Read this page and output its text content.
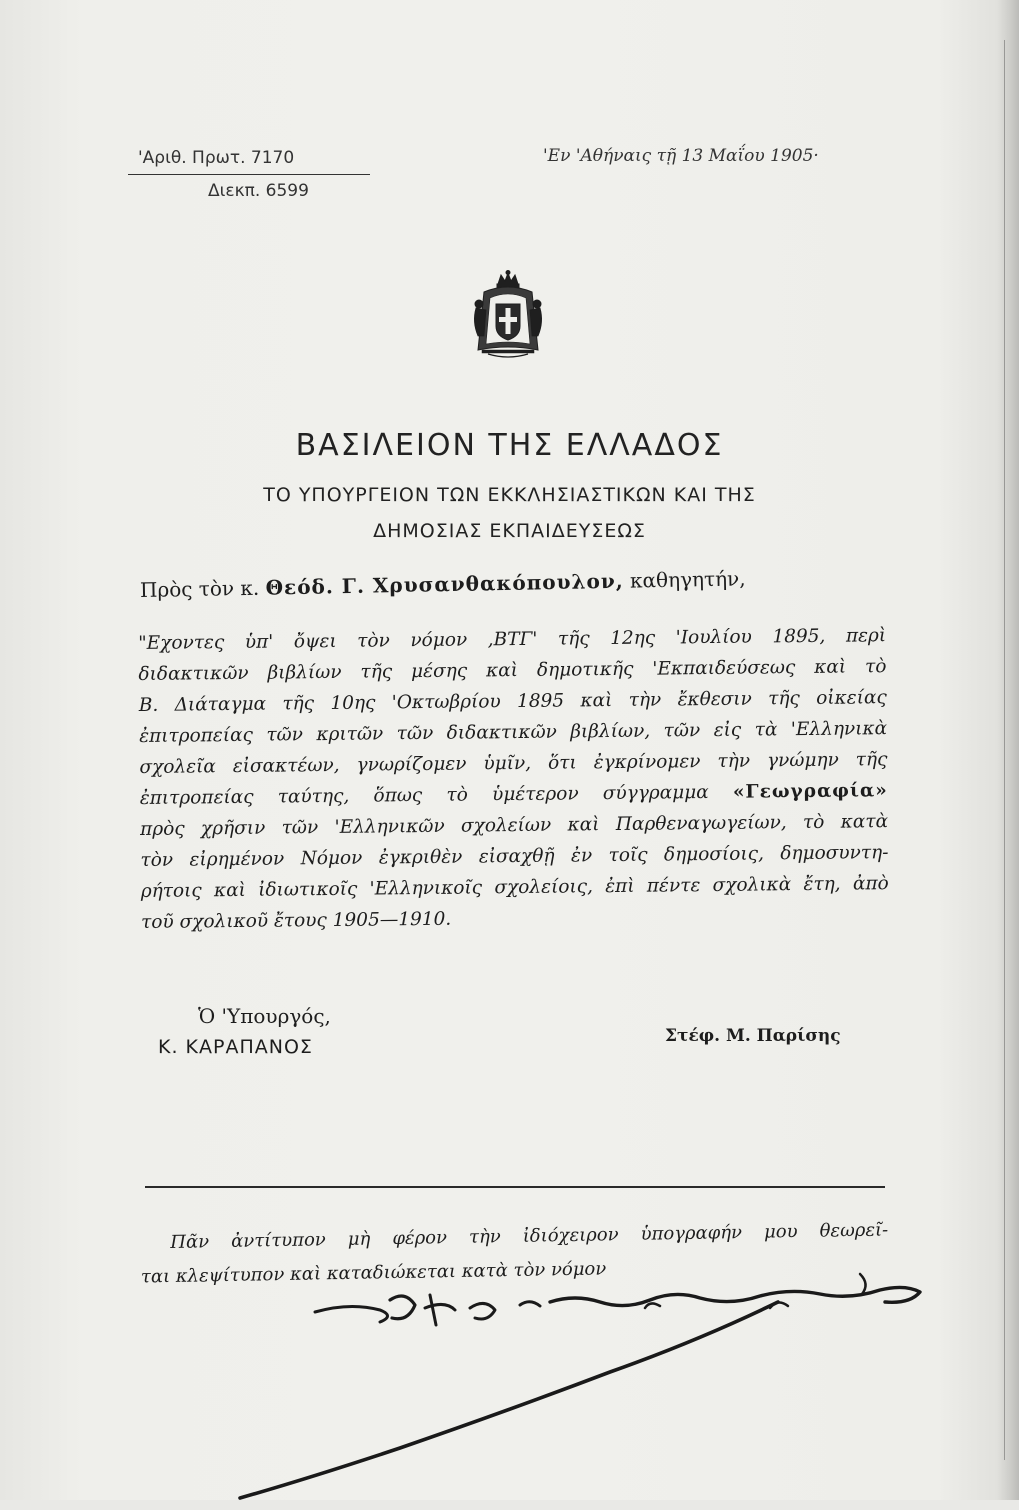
'Αριθ. Πρωτ. 7170
Διεκπ. 6599
'Εν 'Αθήναις τῇ 13 Μαΐου 1905·
ΒΑΣΙΛΕΙΟΝ ΤΗΣ ΕΛΛΑΔΟΣ
ΤΟ ΥΠΟΥΡΓΕΙΟΝ ΤΩΝ ΕΚΚΛΗΣΙΑΣΤΙΚΩΝ ΚΑΙ ΤΗΣ
ΔΗΜΟΣΙΑΣ ΕΚΠΑΙΔΕΥΣΕΩΣ
Πρὸς τὸν κ. Θεόδ. Γ. Χρυσανθακόπουλον, καθηγητήν,
"Εχοντες ὑπ' ὄψει τὸν νόμον ,ΒΤΓ' τῆς 12ης 'Ιουλίου 1895, περὶ
διδακτικῶν βιβλίων τῆς μέσης καὶ δημοτικῆς 'Εκπαιδεύσεως καὶ τὸ
Β. Διάταγμα τῆς 10ης 'Οκτωβρίου 1895 καὶ τὴν ἔκθεσιν τῆς οἰκείας
ἐπιτροπείας τῶν κριτῶν τῶν διδακτικῶν βιβλίων, τῶν εἰς τὰ 'Ελληνικὰ
σχολεῖα εἰσακτέων, γνωρίζομεν ὑμῖν, ὅτι ἐγκρίνομεν τὴν γνώμην τῆς
ἐπιτροπείας ταύτης, ὅπως τὸ ὑμέτερον σύγγραμμα «Γεωγραφία»
πρὸς χρῆσιν τῶν 'Ελληνικῶν σχολείων καὶ Παρθεναγωγείων, τὸ κατὰ
τὸν εἰρημένον Νόμον ἐγκριθὲν εἰσαχθῇ ἐν τοῖς δημοσίοις, δημοσυντη-
ρήτοις καὶ ἰδιωτικοῖς 'Ελληνικοῖς σχολείοις, ἐπὶ πέντε σχολικὰ ἔτη, ἀπὸ
τοῦ σχολικοῦ ἔτους 1905—1910.
Ὁ 'Υπουργός,
Κ. ΚΑΡΑΠΑΝΟΣ	Στέφ. Μ. Παρίσης
Πᾶν ἀντίτυπον μὴ φέρον τὴν ἰδιόχειρον ὑπογραφήν μου θεωρεῖ-
ται κλεψίτυπον καὶ καταδιώκεται κατὰ τὸν νόμον
